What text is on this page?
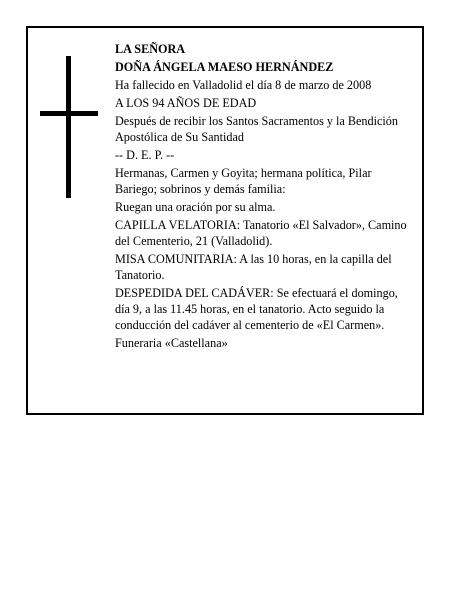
LA SEÑORA

DOÑA ÁNGELA MAESO HERNÁNDEZ

Ha fallecido en Valladolid el día 8 de marzo de 2008

A LOS 94 AÑOS DE EDAD

Después de recibir los Santos Sacramentos y la Bendición Apostólica de Su Santidad

-- D. E. P. --

Hermanas, Carmen y Goyita; hermana política, Pilar Bariego; sobrinos y demás familia:

Ruegan una oración por su alma.

CAPILLA VELATORIA: Tanatorio «El Salvador», Camino del Cementerio, 21 (Valladolid).

MISA COMUNITARIA: A las 10 horas, en la capilla del Tanatorio.

DESPEDIDA DEL CADÁVER: Se efectuará el domingo, día 9, a las 11.45 horas, en el tanatorio. Acto seguido la conducción del cadáver al cementerio de «El Carmen».

Funeraria «Castellana»
